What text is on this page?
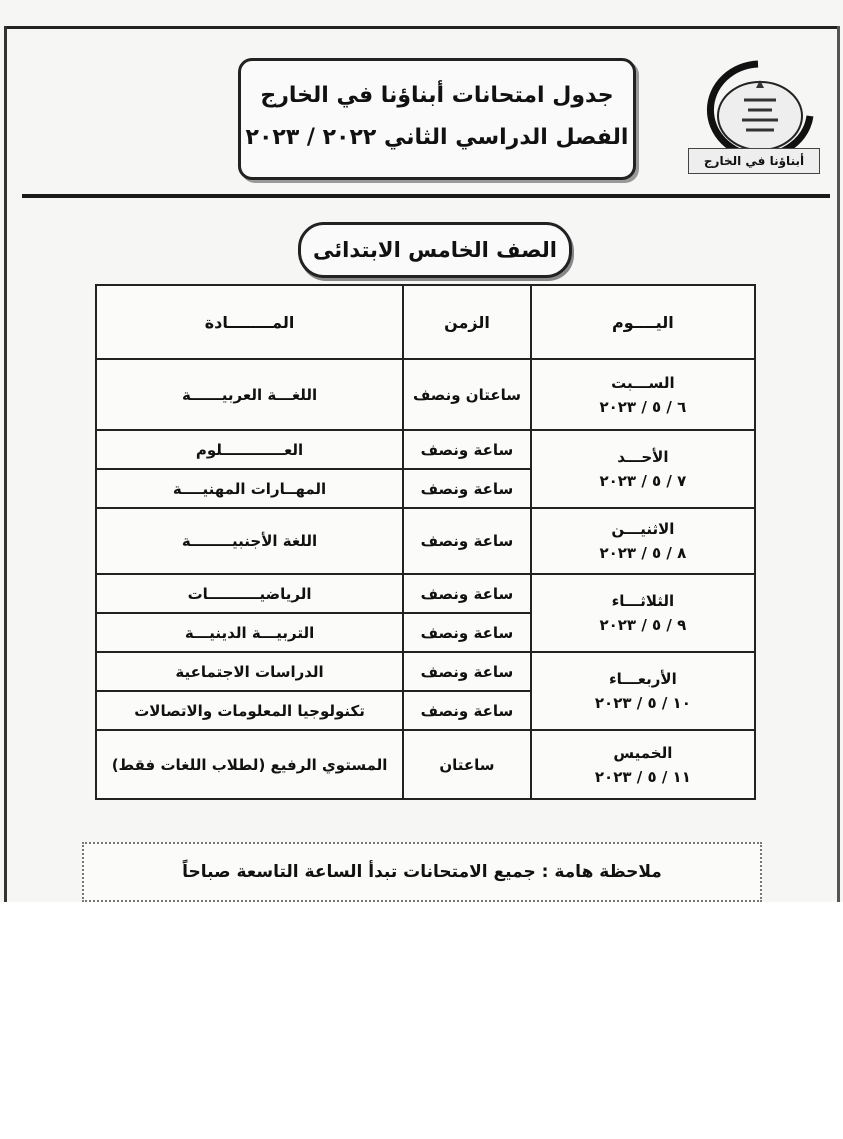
جدول امتحانات أبناؤنا في الخارج
الفصل الدراسي الثاني ٢٠٢٢ / ٢٠٢٣
أبناؤنا في الخارج
الصف الخامس الابتدائى
اليــــوم	الزمن	المــــــــادة

الســـبت
٦ / ٥ / ٢٠٢٣	ساعتان ونصف	اللغـــة العربيــــــة

الأحـــد
٧ / ٥ / ٢٠٢٣	ساعة ونصف	العــــــــــــلوم
	ساعة ونصف	المهــارات المهنيــــة

الاثنيـــن
٨ / ٥ / ٢٠٢٣	ساعة ونصف	اللغة الأجنبيــــــــة

الثلاثـــاء
٩ / ٥ / ٢٠٢٣	ساعة ونصف	الرياضيــــــــــات
	ساعة ونصف	التربيـــة الدينيـــة

الأربعـــاء
١٠ / ٥ / ٢٠٢٣	ساعة ونصف	الدراسات الاجتماعية
	ساعة ونصف	تكنولوجيا المعلومات والاتصالات

الخميس
١١ / ٥ / ٢٠٢٣	ساعتان	المستوي الرفيع (لطلاب اللغات فقط)
ملاحظة هامة : جميع الامتحانات تبدأ الساعة التاسعة صباحاً
